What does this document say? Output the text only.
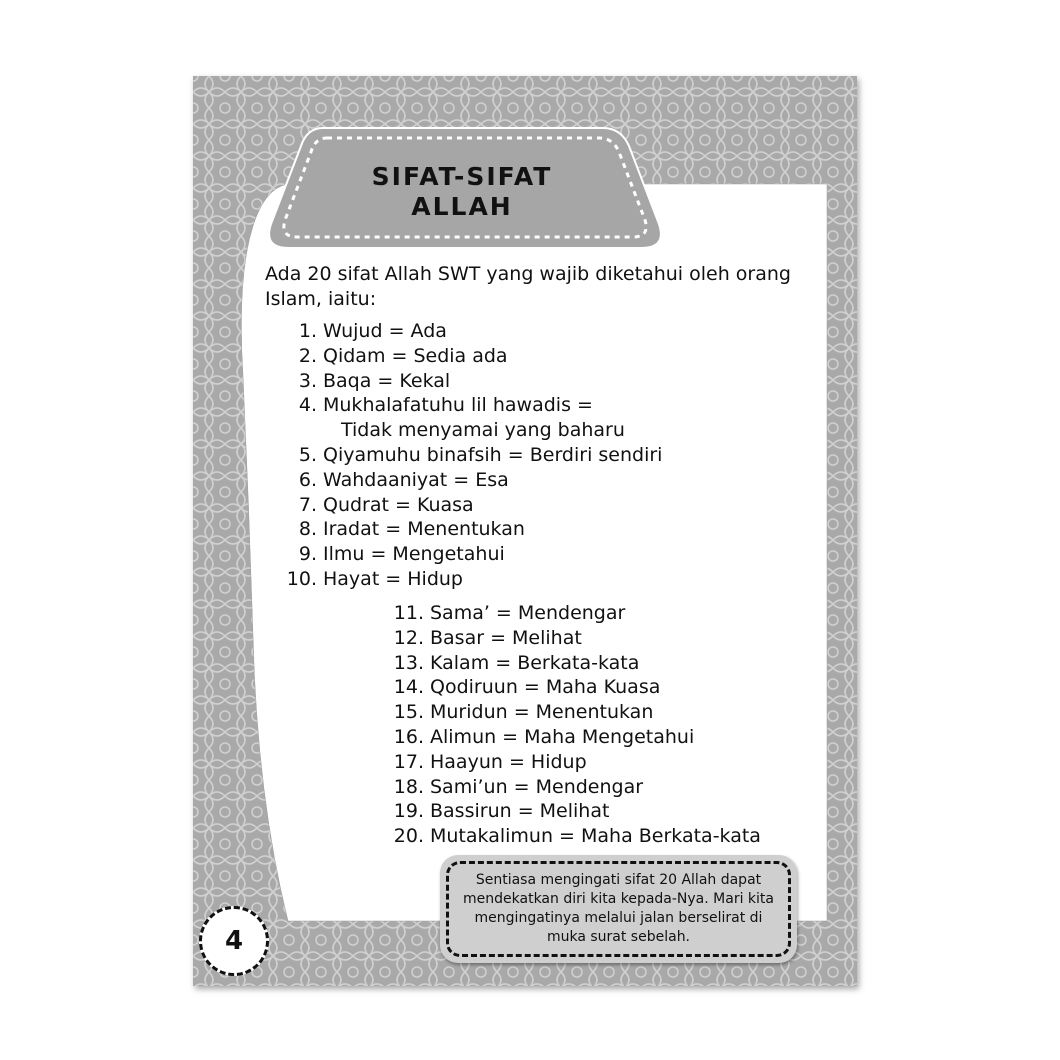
SIFAT-SIFAT
ALLAH

Ada 20 sifat Allah SWT yang wajib diketahui oleh orang Islam, iaitu:

1. Wujud = Ada
2. Qidam = Sedia ada
3. Baqa = Kekal
4. Mukhalafatuhu lil hawadis =
Tidak menyamai yang baharu
5. Qiyamuhu binafsih = Berdiri sendiri
6. Wahdaaniyat = Esa
7. Qudrat = Kuasa
8. Iradat = Menentukan
9. Ilmu = Mengetahui
10. Hayat = Hidup
11. Sama’ = Mendengar
12. Basar = Melihat
13. Kalam = Berkata-kata
14. Qodiruun = Maha Kuasa
15. Muridun = Menentukan
16. Alimun = Maha Mengetahui
17. Haayun = Hidup
18. Sami’un = Mendengar
19. Bassirun = Melihat
20. Mutakalimun = Maha Berkata-kata
Sentiasa mengingati sifat 20 Allah dapat mendekatkan diri kita kepada-Nya. Mari kita mengingatinya melalui jalan berselirat di muka surat sebelah.
4
